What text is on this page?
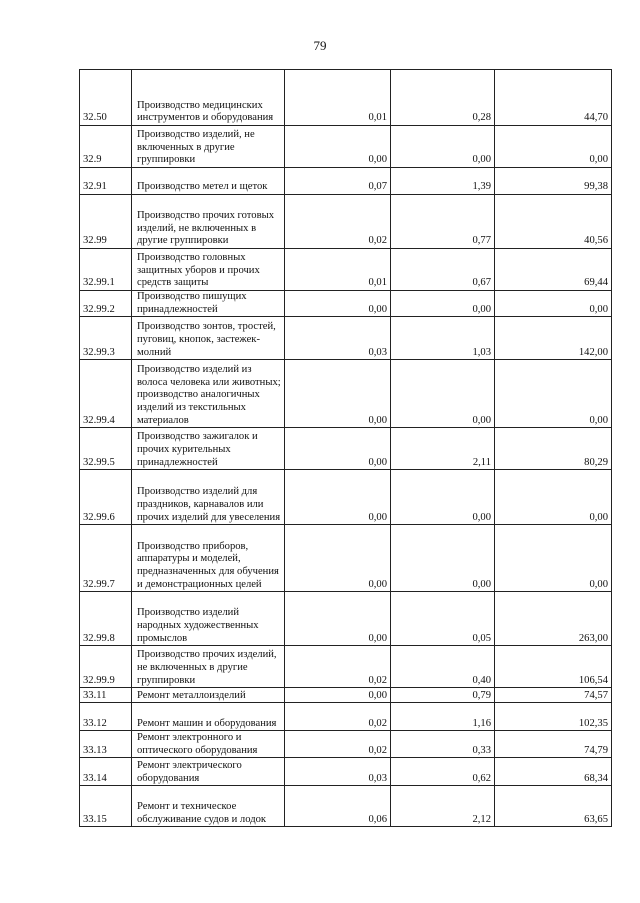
79
32.50	Производство медицинских инструментов и оборудования	0,01	0,28	44,70
32.9	Производство изделий, не включенных в другие группировки	0,00	0,00	0,00
32.91	Производство метел и щеток	0,07	1,39	99,38
32.99	Производство прочих готовых изделий, не включенных в другие группировки	0,02	0,77	40,56
32.99.1	Производство головных защитных уборов и прочих средств защиты	0,01	0,67	69,44
32.99.2	Производство пишущих принадлежностей	0,00	0,00	0,00
32.99.3	Производство зонтов, тростей, пуговиц, кнопок, застежек-молний	0,03	1,03	142,00
32.99.4	Производство изделий из волоса человека или животных; производство аналогичных изделий из текстильных материалов	0,00	0,00	0,00
32.99.5	Производство зажигалок и прочих курительных принадлежностей	0,00	2,11	80,29
32.99.6	Производство изделий для праздников, карнавалов или прочих изделий для увеселения	0,00	0,00	0,00
32.99.7	Производство приборов, аппаратуры и моделей, предназначенных для обучения и демонстрационных целей	0,00	0,00	0,00
32.99.8	Производство изделий народных художественных промыслов	0,00	0,05	263,00
32.99.9	Производство прочих изделий, не включенных в другие группировки	0,02	0,40	106,54
33.11	Ремонт металлоизделий	0,00	0,79	74,57
33.12	Ремонт машин и оборудования	0,02	1,16	102,35
33.13	Ремонт электронного и оптического оборудования	0,02	0,33	74,79
33.14	Ремонт электрического оборудования	0,03	0,62	68,34
33.15	Ремонт и техническое обслуживание судов и лодок	0,06	2,12	63,65
